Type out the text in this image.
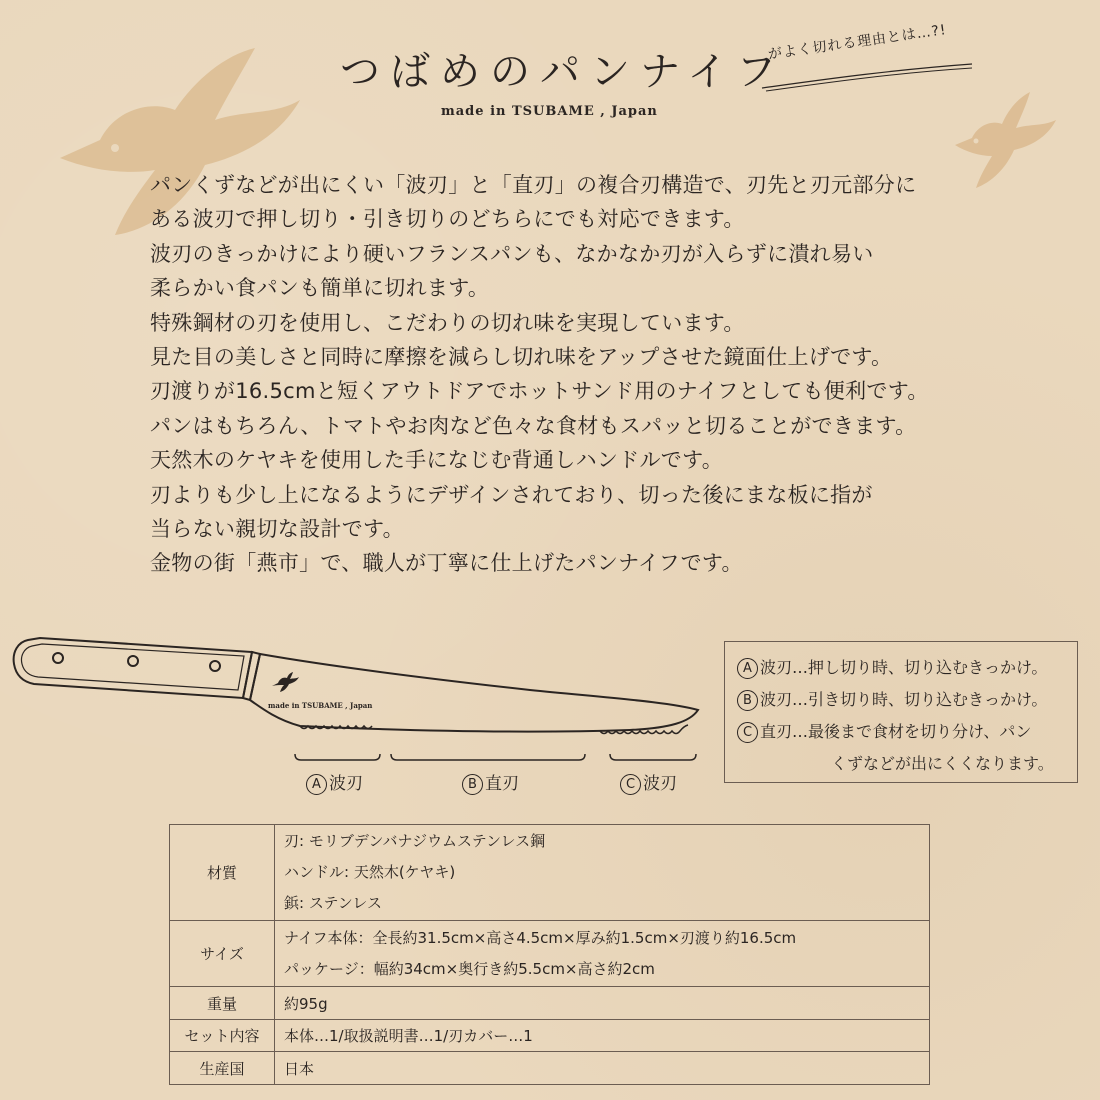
つばめのパンナイフ
がよく切れる理由とは…?!
made in TSUBAME , Japan
パンくずなどが出にくい「波刃」と「直刃」の複合刃構造で、刃先と刃元部分に
ある波刃で押し切り・引き切りのどちらにでも対応できます。
波刃のきっかけにより硬いフランスパンも、なかなか刃が入らずに潰れ易い
柔らかい食パンも簡単に切れます。
特殊鋼材の刃を使用し、こだわりの切れ味を実現しています。
見た目の美しさと同時に摩擦を減らし切れ味をアップさせた鏡面仕上げです。
刃渡りが16.5cmと短くアウトドアでホットサンド用のナイフとしても便利です。
パンはもちろん、トマトやお肉など色々な食材もスパッと切ることができます。
天然木のケヤキを使用した手になじむ背通しハンドルです。
刃よりも少し上になるようにデザインされており、切った後にまな板に指が
当らない親切な設計です。
金物の街「燕市」で、職人が丁寧に仕上げたパンナイフです。
made in TSUBAME , Japan
A 波刃	B 直刃	C 波刃
A 波刃…押し切り時、切り込むきっかけ。
B 波刃…引き切り時、切り込むきっかけ。
C 直刃…最後まで食材を切り分け、パン
くずなどが出にくくなります。
材質	刃: モリブデンバナジウムステンレス鋼
ハンドル: 天然木(ケヤキ)
鋲: ステンレス

サイズ	ナイフ本体：全長約31.5cm×高さ4.5cm×厚み約1.5cm×刃渡り約16.5cm
パッケージ：幅約34cm×奥行き約5.5cm×高さ約2cm

重量	約95g
セット内容	本体…1/取扱説明書…1/刃カバー…1
生産国	日本
